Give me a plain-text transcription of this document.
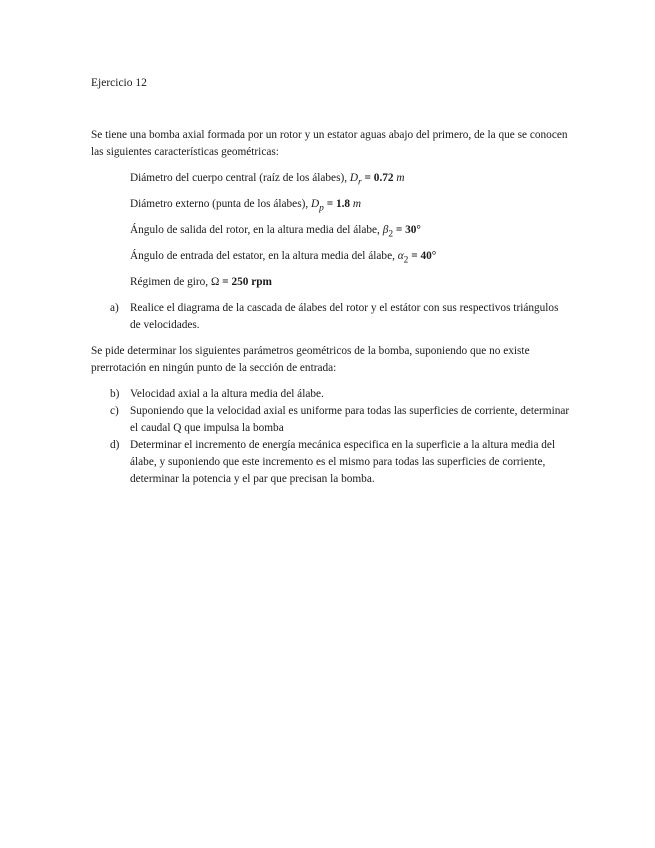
Ejercicio 12
Se tiene una bomba axial formada por un rotor y un estator aguas abajo del primero, de la que se conocen las siguientes características geométricas:
Diámetro del cuerpo central (raíz de los álabes), $D_r = 0.72$ m
Diámetro externo (punta de los álabes), $D_p = 1.8$ m
Ángulo de salida del rotor, en la altura media del álabe, $\beta_2 = 30^\circ$
Ángulo de entrada del estator, en la altura media del álabe, $\alpha_2 = 40^\circ$
Régimen de giro, Ω = 250 rpm
a) Realice el diagrama de la cascada de álabes del rotor y el estátor con sus respectivos triángulos de velocidades.
Se pide determinar los siguientes parámetros geométricos de la bomba, suponiendo que no existe prerrotación en ningún punto de la sección de entrada:
b) Velocidad axial a la altura media del álabe.
c) Suponiendo que la velocidad axial es uniforme para todas las superficies de corriente, determinar el caudal Q que impulsa la bomba
d) Determinar el incremento de energía mecánica especifica en la superficie a la altura media del álabe, y suponiendo que este incremento es el mismo para todas las superficies de corriente, determinar la potencia y el par que precisan la bomba.
